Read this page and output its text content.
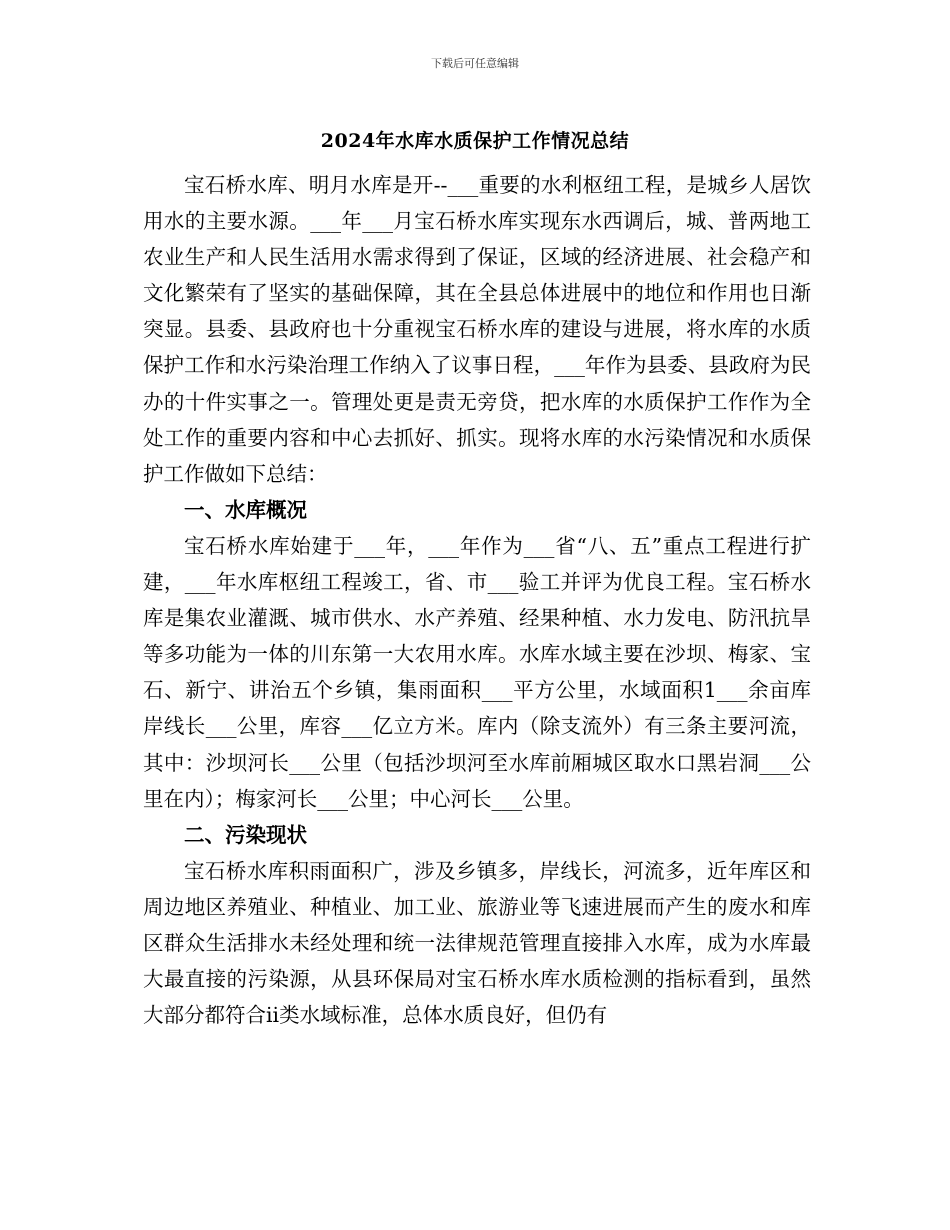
下载后可任意编辑
2024年水库水质保护工作情况总结

宝石桥水库、明月水库是开--___重要的水利枢纽工程，是城乡人居饮用水的主要水源。___年___月宝石桥水库实现东水西调后，城、普两地工农业生产和人民生活用水需求得到了保证，区域的经济进展、社会稳产和文化繁荣有了坚实的基础保障，其在全县总体进展中的地位和作用也日渐突显。县委、县政府也十分重视宝石桥水库的建设与进展，将水库的水质保护工作和水污染治理工作纳入了议事日程，___年作为县委、县政府为民办的十件实事之一。管理处更是责无旁贷，把水库的水质保护工作作为全处工作的重要内容和中心去抓好、抓实。现将水库的水污染情况和水质保护工作做如下总结：

一、水库概况

宝石桥水库始建于___年，___年作为___省“八、五”重点工程进行扩建，___年水库枢纽工程竣工，省、市___验工并评为优良工程。宝石桥水库是集农业灌溉、城市供水、水产养殖、经果种植、水力发电、防汛抗旱等多功能为一体的川东第一大农用水库。水库水域主要在沙坝、梅家、宝石、新宁、讲治五个乡镇，集雨面积___平方公里，水域面积1___余亩库岸线长___公里，库容___亿立方米。库内（除支流外）有三条主要河流，其中：沙坝河长___公里（包括沙坝河至水库前厢城区取水口黑岩洞___公里在内）；梅家河长___公里；中心河长___公里。

二、污染现状

宝石桥水库积雨面积广，涉及乡镇多，岸线长，河流多，近年库区和周边地区养殖业、种植业、加工业、旅游业等飞速进展而产生的废水和库区群众生活排水未经处理和统一法律规范管理直接排入水库，成为水库最大最直接的污染源，从县环保局对宝石桥水库水质检测的指标看到，虽然大部分都符合ii类水域标准，总体水质良好，但仍有
